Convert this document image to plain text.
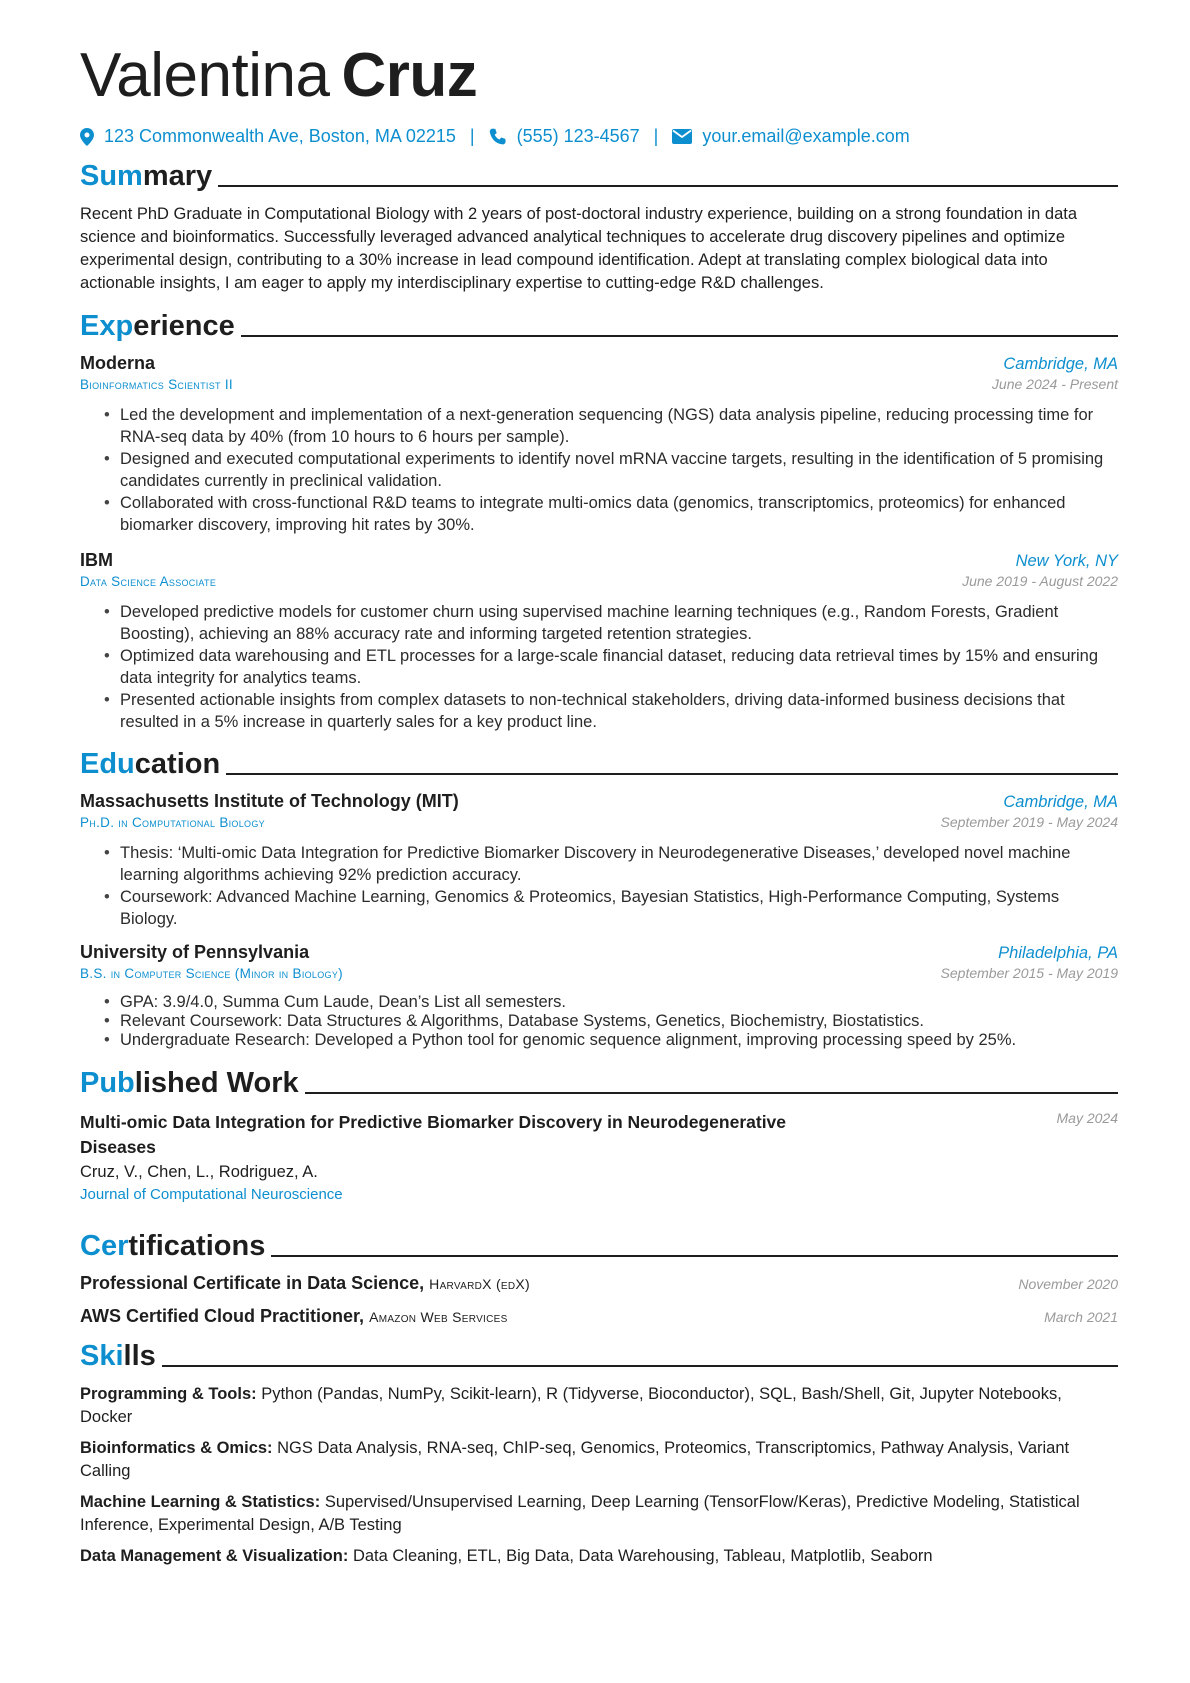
Valentina Cruz
123 Commonwealth Ave, Boston, MA 02215 | (555) 123-4567 | your.email@example.com
Summary

Recent PhD Graduate in Computational Biology with 2 years of post-doctoral industry experience, building on a strong foundation in data science and bioinformatics. Successfully leveraged advanced analytical techniques to accelerate drug discovery pipelines and optimize experimental design, contributing to a 30% increase in lead compound identification. Adept at translating complex biological data into actionable insights, I am eager to apply my interdisciplinary expertise to cutting-edge R&D challenges.

Experience
Moderna	Cambridge, MA
Bioinformatics Scientist II	June 2024 - Present
• Led the development and implementation of a next-generation sequencing (NGS) data analysis pipeline, reducing processing time for RNA-seq data by 40% (from 10 hours to 6 hours per sample).
• Designed and executed computational experiments to identify novel mRNA vaccine targets, resulting in the identification of 5 promising candidates currently in preclinical validation.
• Collaborated with cross-functional R&D teams to integrate multi-omics data (genomics, transcriptomics, proteomics) for enhanced biomarker discovery, improving hit rates by 30%.
IBM	New York, NY
Data Science Associate	June 2019 - August 2022
• Developed predictive models for customer churn using supervised machine learning techniques (e.g., Random Forests, Gradient Boosting), achieving an 88% accuracy rate and informing targeted retention strategies.
• Optimized data warehousing and ETL processes for a large-scale financial dataset, reducing data retrieval times by 15% and ensuring data integrity for analytics teams.
• Presented actionable insights from complex datasets to non-technical stakeholders, driving data-informed business decisions that resulted in a 5% increase in quarterly sales for a key product line.
Education
Massachusetts Institute of Technology (MIT)	Cambridge, MA
Ph.D. in Computational Biology	September 2019 - May 2024
• Thesis: ‘Multi-omic Data Integration for Predictive Biomarker Discovery in Neurodegenerative Diseases,’ developed novel machine learning algorithms achieving 92% prediction accuracy.
• Coursework: Advanced Machine Learning, Genomics & Proteomics, Bayesian Statistics, High-Performance Computing, Systems Biology.
University of Pennsylvania	Philadelphia, PA
B.S. in Computer Science (Minor in Biology)	September 2015 - May 2019
• GPA: 3.9/4.0, Summa Cum Laude, Dean’s List all semesters.
• Relevant Coursework: Data Structures & Algorithms, Database Systems, Genetics, Biochemistry, Biostatistics.
• Undergraduate Research: Developed a Python tool for genomic sequence alignment, improving processing speed by 25%.
Published Work
Multi-omic Data Integration for Predictive Biomarker Discovery in Neurodegenerative Diseases
May 2024
Cruz, V., Chen, L., Rodriguez, A.
Journal of Computational Neuroscience
Certifications
Professional Certificate in Data Science, HarvardX (edX)	November 2020
AWS Certified Cloud Practitioner, Amazon Web Services	March 2021
Skills
Programming & Tools: Python (Pandas, NumPy, Scikit-learn), R (Tidyverse, Bioconductor), SQL, Bash/Shell, Git, Jupyter Notebooks, Docker
Bioinformatics & Omics: NGS Data Analysis, RNA-seq, ChIP-seq, Genomics, Proteomics, Transcriptomics, Pathway Analysis, Variant Calling
Machine Learning & Statistics: Supervised/Unsupervised Learning, Deep Learning (TensorFlow/Keras), Predictive Modeling, Statistical Inference, Experimental Design, A/B Testing
Data Management & Visualization: Data Cleaning, ETL, Big Data, Data Warehousing, Tableau, Matplotlib, Seaborn
